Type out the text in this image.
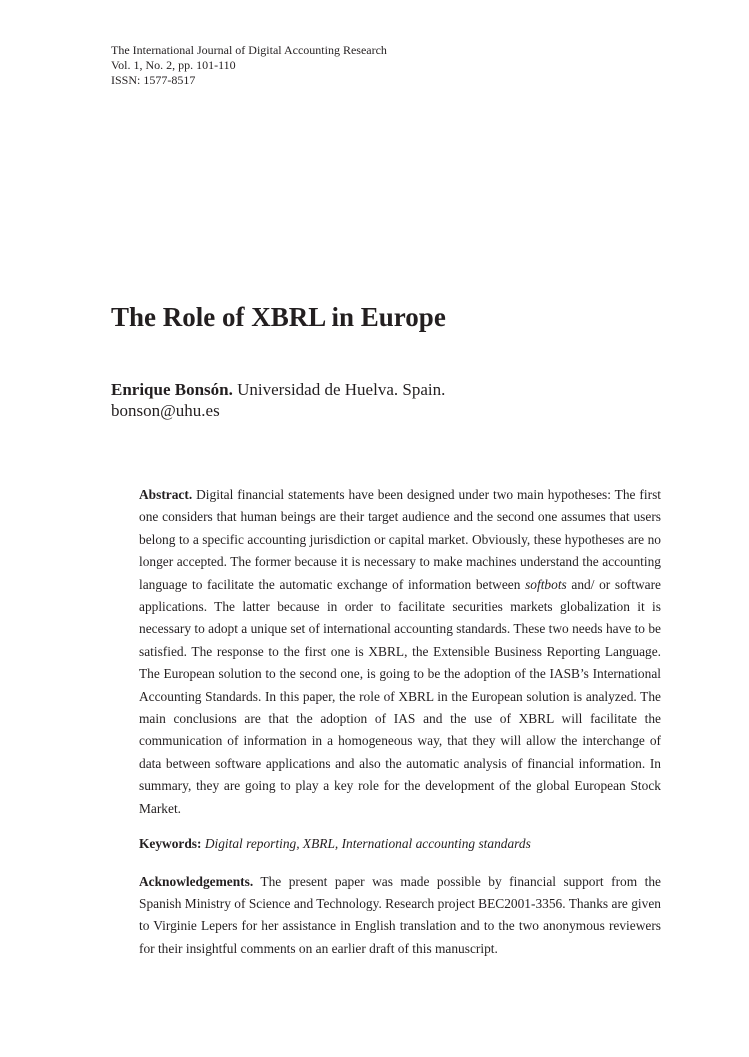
The International Journal of Digital Accounting Research
Vol. 1, No. 2, pp. 101-110
ISSN: 1577-8517
The Role of XBRL in Europe
Enrique Bonsón. Universidad de Huelva. Spain.
bonson@uhu.es

Abstract. Digital financial statements have been designed under two main hypotheses: The first one considers that human beings are their target audience and the second one assumes that users belong to a specific accounting jurisdiction or capital market. Obviously, these hypotheses are no longer accepted. The former because it is necessary to make machines understand the accounting language to facilitate the automatic exchange of information between softbots and/ or software applications. The latter because in order to facilitate securities markets globalization it is necessary to adopt a unique set of international accounting standards. These two needs have to be satisfied. The response to the first one is XBRL, the Extensible Business Reporting Language. The European solution to the second one, is going to be the adoption of the IASB’s International Accounting Standards. In this paper, the role of XBRL in the European solution is analyzed. The main conclusions are that the adoption of IAS and the use of XBRL will facilitate the communication of information in a homogeneous way, that they will allow the interchange of data between software applications and also the automatic analysis of financial information. In summary, they are going to play a key role for the development of the global European Stock Market.

Keywords: Digital reporting, XBRL, International accounting standards

Acknowledgements. The present paper was made possible by financial support from the Spanish Ministry of Science and Technology. Research project BEC2001-3356. Thanks are given to Virginie Lepers for her assistance in English translation and to the two anonymous reviewers for their insightful comments on an earlier draft of this manuscript.
